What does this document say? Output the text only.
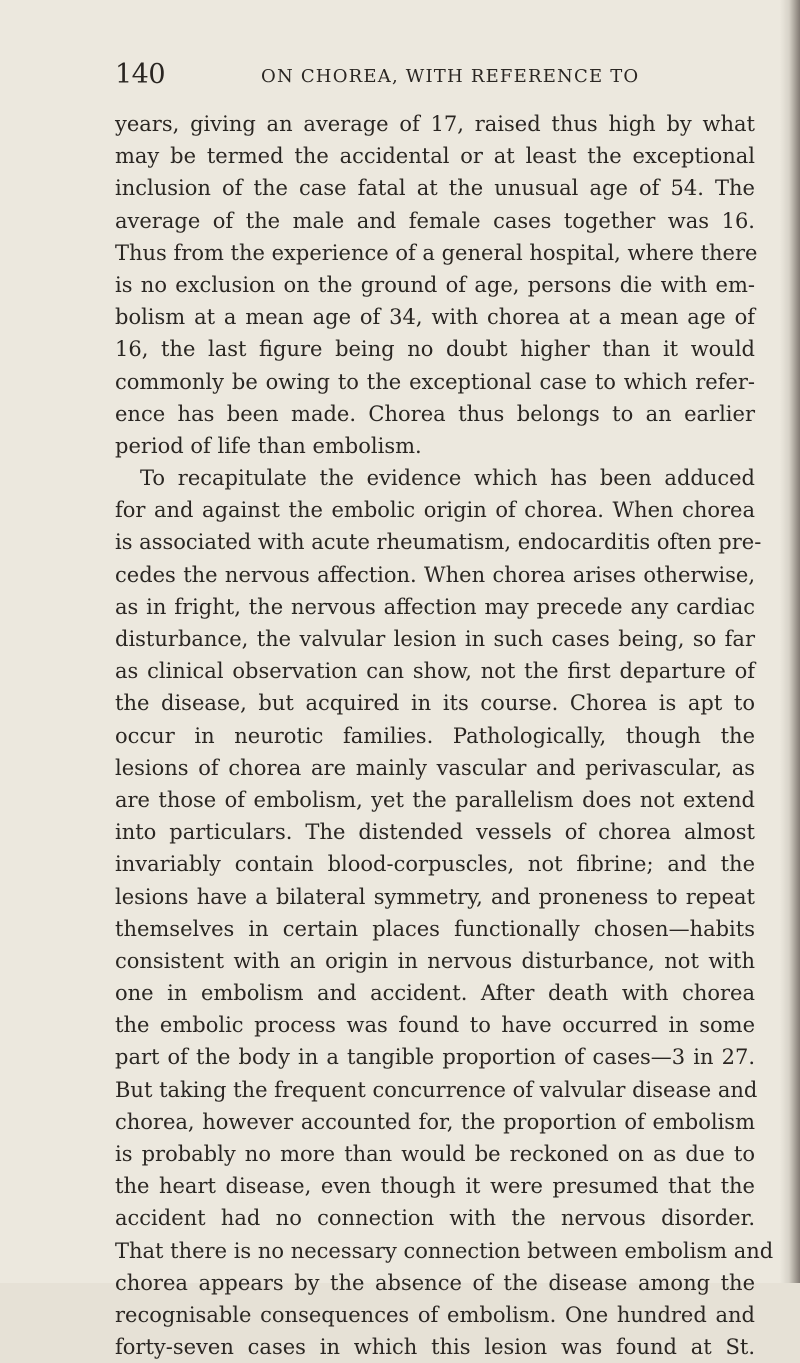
140	ON CHOREA, WITH REFERENCE TO
years, giving an average of 17, raised thus high by what
may be termed the accidental or at least the exceptional
inclusion of the case fatal at the unusual age of 54. The
average of the male and female cases together was 16.
Thus from the experience of a general hospital, where there
is no exclusion on the ground of age, persons die with em-
bolism at a mean age of 34, with chorea at a mean age of
16, the last figure being no doubt higher than it would
commonly be owing to the exceptional case to which refer-
ence has been made. Chorea thus belongs to an earlier
period of life than embolism.
To recapitulate the evidence which has been adduced
for and against the embolic origin of chorea. When chorea
is associated with acute rheumatism, endocarditis often pre-
cedes the nervous affection. When chorea arises otherwise,
as in fright, the nervous affection may precede any cardiac
disturbance, the valvular lesion in such cases being, so far
as clinical observation can show, not the first departure of
the disease, but acquired in its course. Chorea is apt to
occur in neurotic families. Pathologically, though the
lesions of chorea are mainly vascular and perivascular, as
are those of embolism, yet the parallelism does not extend
into particulars. The distended vessels of chorea almost
invariably contain blood-corpuscles, not fibrine; and the
lesions have a bilateral symmetry, and proneness to repeat
themselves in certain places functionally chosen—habits
consistent with an origin in nervous disturbance, not with
one in embolism and accident. After death with chorea
the embolic process was found to have occurred in some
part of the body in a tangible proportion of cases—3 in 27.
But taking the frequent concurrence of valvular disease and
chorea, however accounted for, the proportion of embolism
is probably no more than would be reckoned on as due to
the heart disease, even though it were presumed that the
accident had no connection with the nervous disorder.
That there is no necessary connection between embolism and
chorea appears by the absence of the disease among the
recognisable consequences of embolism. One hundred and
forty-seven cases in which this lesion was found at St.
